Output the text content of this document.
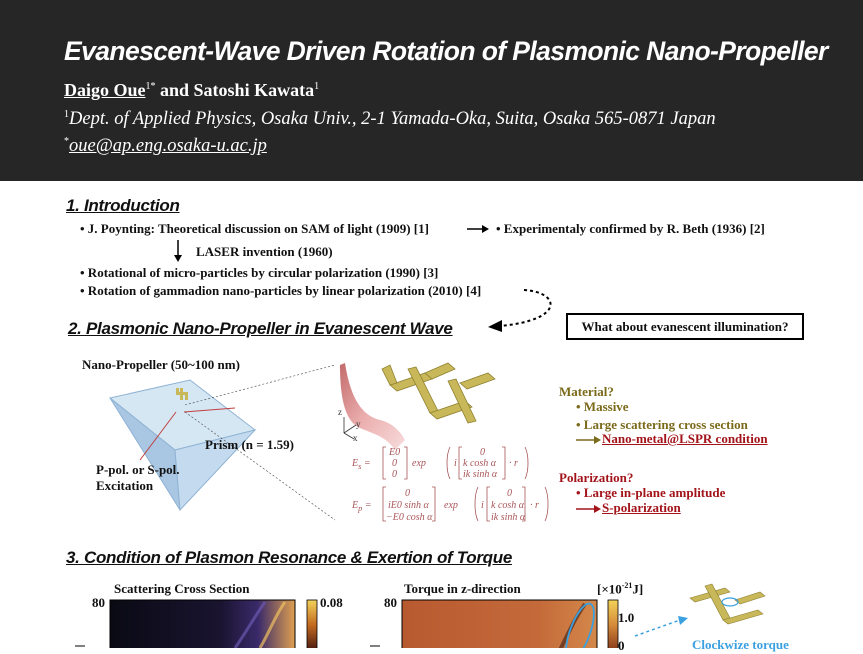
Evanescent-Wave Driven Rotation of Plasmonic Nano-Propeller
Daigo Oue$^{1*}$ and Satoshi Kawata$^1$
$^1$Dept. of Applied Physics, Osaka Univ., 2-1 Yamada-Oka, Suita, Osaka 565-0871 Japan
*oue@ap.eng.osaka-u.ac.jp
1. Introduction
• J. Poynting: Theoretical discussion on SAM of light (1909) [1]	• Experimentaly confirmed by R. Beth (1936) [2]
LASER invention (1960)
• Rotational of micro-particles by circular polarization (1990) [3]
• Rotation of gammadion nano-particles by linear polarization (2010) [4]
2. Plasmonic Nano-Propeller in Evanescent Wave	What about evanescent illumination?
Nano-Propeller (50~100 nm)
Prism (n = 1.59)
P-pol. or S-pol.
Excitation
z
y
x
$E_s$ =
E0
0
0
exp	i
0
k cosh α
ik sinh α
· r
$E_p$ =
0
iE0 sinh α
−E0 cosh α
exp i
0
k cosh α
ik sinh α
· r
Material?
• Massive
• Large scattering cross section
Nano-metal@LSPR condition
Polarization?
• Large in-plane amplitude
S-polarization
3. Condition of Plasmon Resonance & Exertion of Torque
Scattering Cross Section
80	0.08
Torque in z-direction
80
$[\times 10^{-21}J]$
1.0
0	Clockwize torque
